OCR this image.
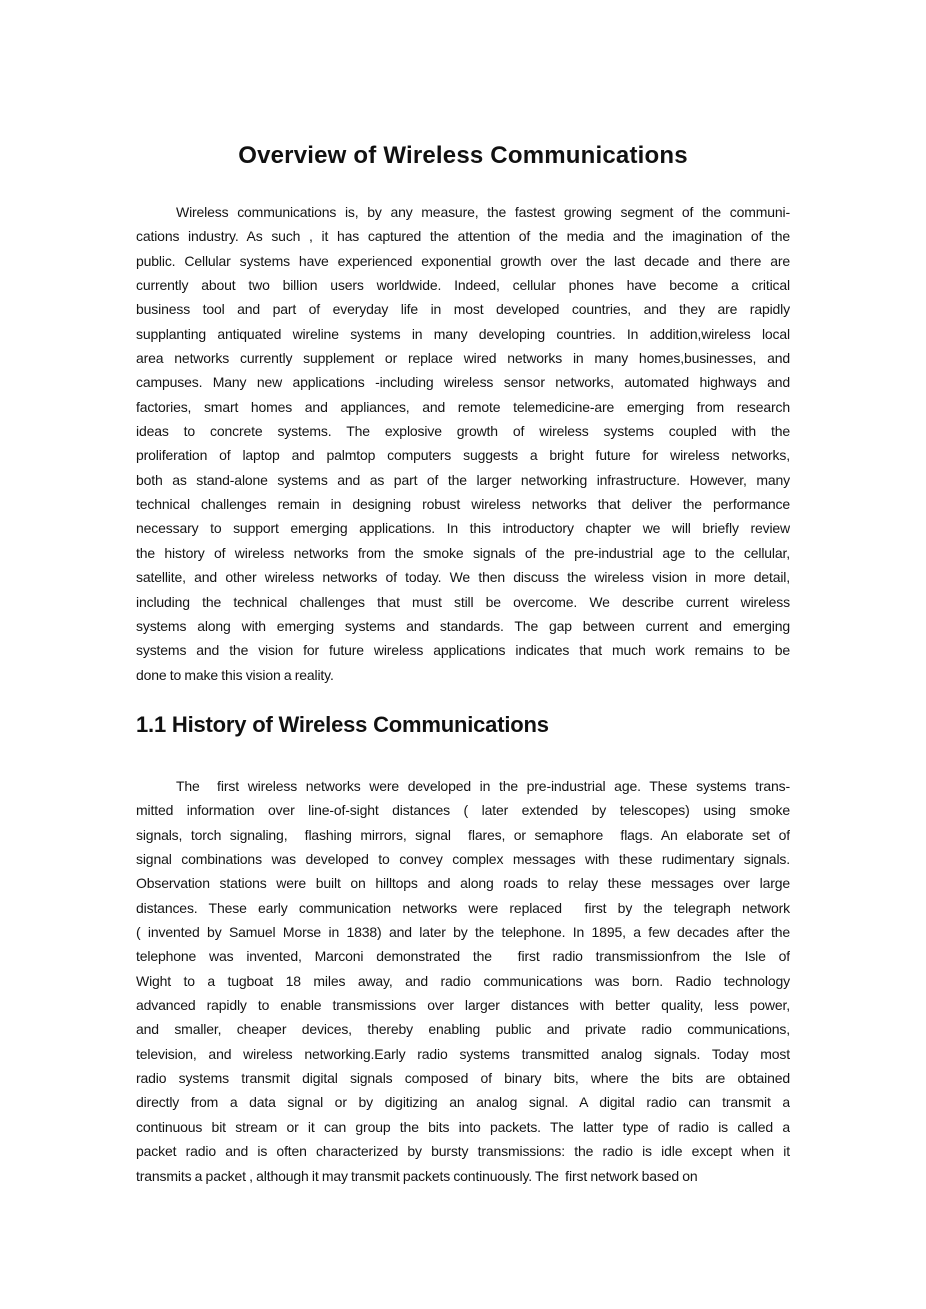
Overview of Wireless Communications
Wireless communications is, by any measure, the fastest growing segment of the communi-
cations industry. As such , it has captured the attention of the media and the imagination of the
public. Cellular systems have experienced exponential growth over the last decade and there are
currently about two billion users worldwide. Indeed, cellular phones have become a critical
business tool and part of everyday life in most developed countries, and they are rapidly
supplanting antiquated wireline systems in many developing countries. In addition,wireless local
area networks currently supplement or replace wired networks in many homes,businesses, and
campuses. Many new applications -including wireless sensor networks, automated highways and
factories, smart homes and appliances, and remote telemedicine-are emerging from research
ideas to concrete systems. The explosive growth of wireless systems coupled with the
proliferation of laptop and palmtop computers suggests a bright future for wireless networks,
both as stand-alone systems and as part of the larger networking infrastructure. However, many
technical challenges remain in designing robust wireless networks that deliver the performance
necessary to support emerging applications. In this introductory chapter we will brieﬂy review
the history of wireless networks from the smoke signals of the pre-industrial age to the cellular,
satellite, and other wireless networks of today. We then discuss the wireless vision in more detail,
including the technical challenges that must still be overcome. We describe current wireless
systems along with emerging systems and standards. The gap between current and emerging
systems and the vision for future wireless applications indicates that much work remains to be
done to make this vision a reality.
1.1 History of Wireless Communications
The  ﬁrst wireless networks were developed in the pre-industrial age. These systems trans-
mitted information over line-of-sight distances ( later extended by telescopes) using smoke
signals, torch signaling,  ﬂashing mirrors, signal  ﬂares, or semaphore  ﬂags. An elaborate set of
signal combinations was developed to convey complex messages with these rudimentary signals.
Observation stations were built on hilltops and along roads to relay these messages over large
distances. These early communication networks were replaced  ﬁrst by the telegraph network
( invented by Samuel Morse in 1838) and later by the telephone. In 1895, a few decades after the
telephone was invented, Marconi demonstrated the  ﬁrst radio transmissionfrom the Isle of
Wight to a tugboat 18 miles away, and radio communications was born. Radio technology
advanced rapidly to enable transmissions over larger distances with better quality, less power,
and smaller, cheaper devices, thereby enabling public and private radio communications,
television, and wireless networking.Early radio systems transmitted analog signals. Today most
radio systems transmit digital signals composed of binary bits, where the bits are obtained
directly from a data signal or by digitizing an analog signal. A digital radio can transmit a
continuous bit stream or it can group the bits into packets. The latter type of radio is called a
packet radio and is often characterized by bursty transmissions: the radio is idle except when it
transmits a packet , although it may transmit packets continuously. The  ﬁrst network based on
